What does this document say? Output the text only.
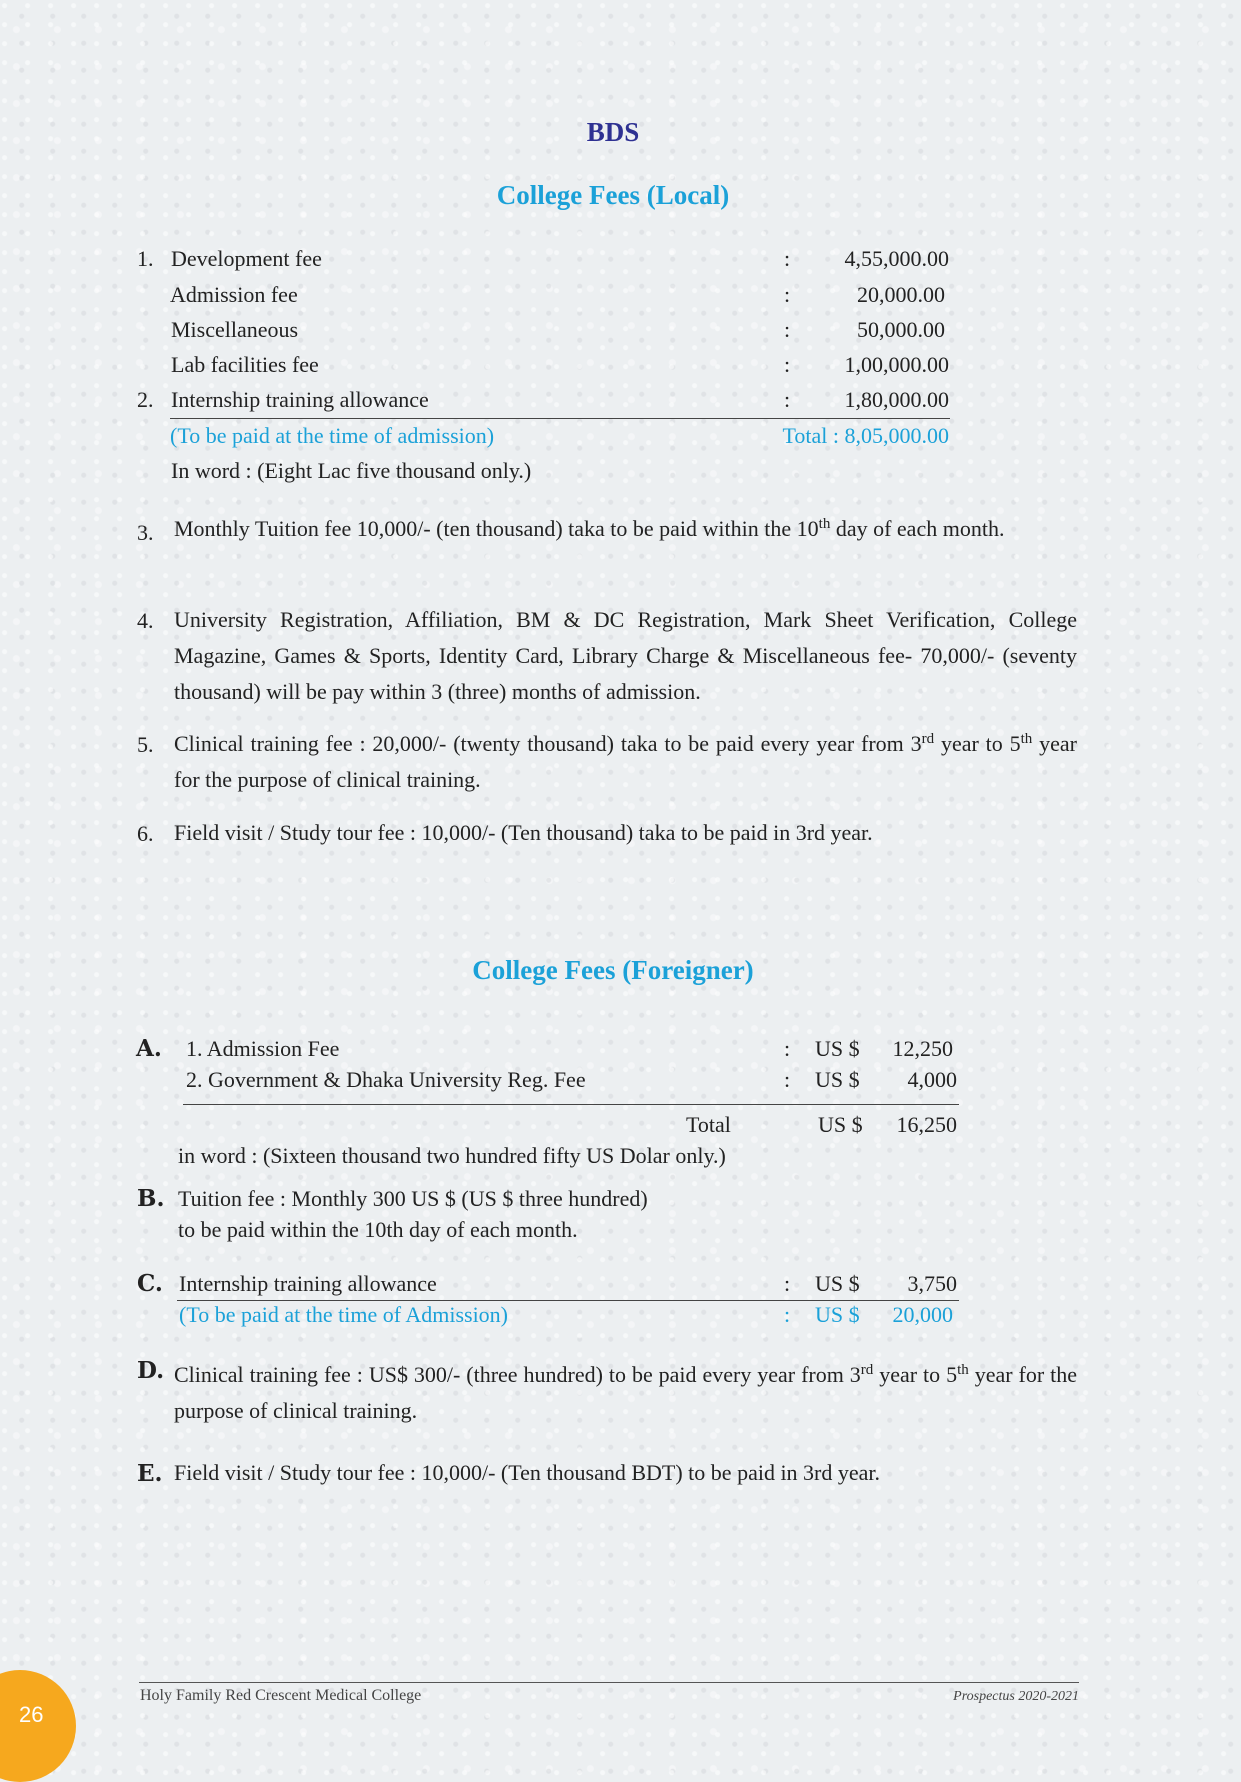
BDS
College Fees (Local)
1. Development fee	:	4,55,000.00
Admission fee	:	20,000.00
Miscellaneous	:	50,000.00
Lab facilities fee	:	1,00,000.00
2. Internship training allowance	:	1,80,000.00
(To be paid at the time of admission)	Total : 8,05,000.00
In word : (Eight Lac five thousand only.)
3. Monthly Tuition fee 10,000/- (ten thousand) taka to be paid within the 10th day of each month.
4. University Registration, Affiliation, BM & DC Registration, Mark Sheet Verification, College Magazine, Games & Sports, Identity Card, Library Charge & Miscellaneous fee- 70,000/- (seventy thousand) will be pay within 3 (three) months of admission.
5. Clinical training fee : 20,000/- (twenty thousand) taka to be paid every year from 3rd year to 5th year for the purpose of clinical training.
6. Field visit / Study tour fee : 10,000/- (Ten thousand) taka to be paid in 3rd year.
College Fees (Foreigner)
A. 1. Admission Fee	: US $	12,250
2. Government & Dhaka University Reg. Fee	: US $	4,000
Total	US $	16,250
in word : (Sixteen thousand two hundred fifty US Dolar only.)
B. Tuition fee : Monthly 300 US $ (US $ three hundred)
to be paid within the 10th day of each month.
C. Internship training allowance	: US $	3,750
(To be paid at the time of Admission)	: US $	20,000
D. Clinical training fee : US$ 300/- (three hundred) to be paid every year from 3rd year to 5th year for the purpose of clinical training.
E. Field visit / Study tour fee : 10,000/- (Ten thousand BDT) to be paid in 3rd year.
Holy Family Red Crescent Medical College	Prospectus 2020-2021
26
